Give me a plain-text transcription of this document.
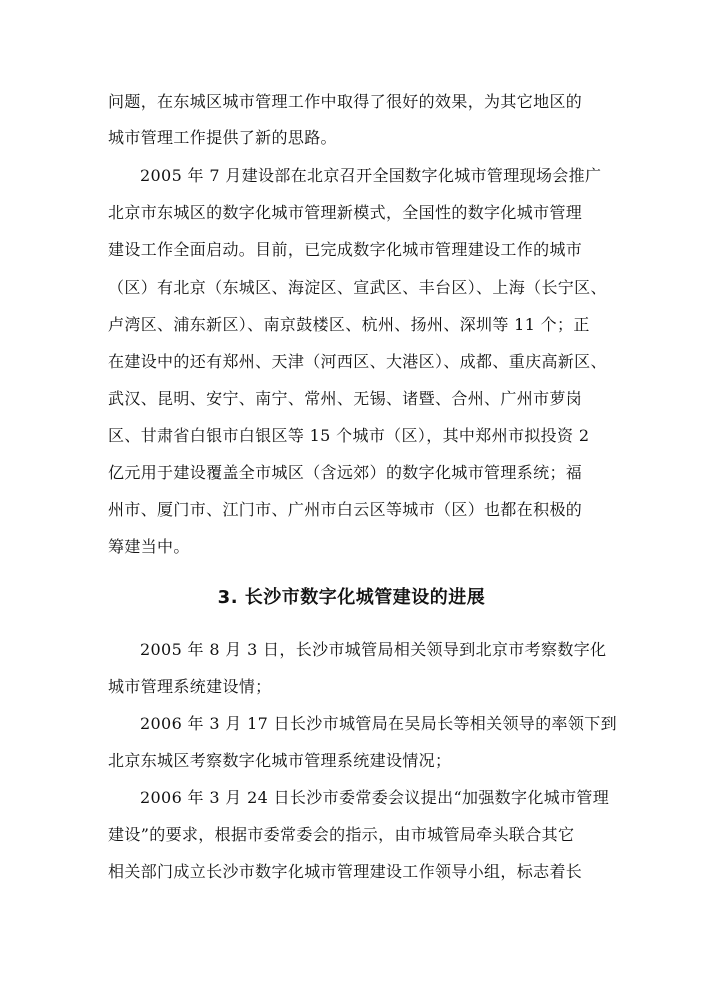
问题，在东城区城市管理工作中取得了很好的效果，为其它地区的
城市管理工作提供了新的思路。
2005 年 7 月建设部在北京召开全国数字化城市管理现场会推广
北京市东城区的数字化城市管理新模式，全国性的数字化城市管理
建设工作全面启动。目前，已完成数字化城市管理建设工作的城市
（区）有北京（东城区、海淀区、宣武区、丰台区）、上海（长宁区、
卢湾区、浦东新区）、南京鼓楼区、杭州、扬州、深圳等 11 个；正
在建设中的还有郑州、天津（河西区、大港区）、成都、重庆高新区、
武汉、昆明、安宁、南宁、常州、无锡、诸暨、合州、广州市萝岗
区、甘肃省白银市白银区等 15 个城市（区），其中郑州市拟投资 2
亿元用于建设覆盖全市城区（含远郊）的数字化城市管理系统；福
州市、厦门市、江门市、广州市白云区等城市（区）也都在积极的
筹建当中。
3. 长沙市数字化城管建设的进展
2005 年 8 月 3 日，长沙市城管局相关领导到北京市考察数字化
城市管理系统建设情；
2006 年 3 月 17 日长沙市城管局在吴局长等相关领导的率领下到
北京东城区考察数字化城市管理系统建设情况；
2006 年 3 月 24 日长沙市委常委会议提出“加强数字化城市管理
建设”的要求，根据市委常委会的指示，由市城管局牵头联合其它
相关部门成立长沙市数字化城市管理建设工作领导小组，标志着长
